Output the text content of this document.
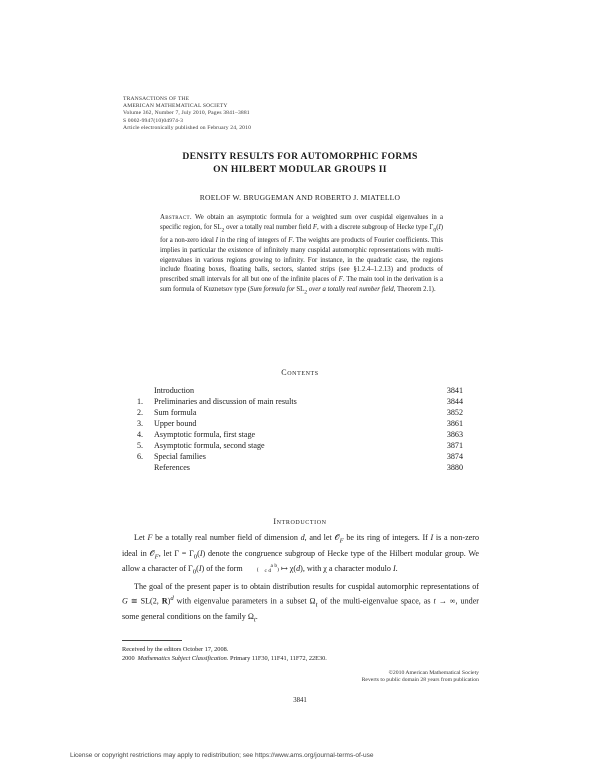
TRANSACTIONS OF THE
AMERICAN MATHEMATICAL SOCIETY
Volume 362, Number 7, July 2010, Pages 3841–3881
S 0002-9947(10)04974-3
Article electronically published on February 24, 2010
DENSITY RESULTS FOR AUTOMORPHIC FORMS
ON HILBERT MODULAR GROUPS II
ROELOF W. BRUGGEMAN AND ROBERTO J. MIATELLO
Abstract. We obtain an asymptotic formula for a weighted sum over cuspidal eigenvalues in a specific region, for $SL_2$ over a totally real number field F, with a discrete subgroup of Hecke type $\Gamma_0(I)$ for a non-zero ideal I in the ring of integers of F. The weights are products of Fourier coefficients. This implies in particular the existence of infinitely many cuspidal automorphic representations with multi-eigenvalues in various regions growing to infinity. For instance, in the quadratic case, the regions include floating boxes, floating balls, sectors, slanted strips (see §1.2.4–1.2.13) and products of prescribed small intervals for all but one of the infinite places of F. The main tool in the derivation is a sum formula of Kuznetsov type (Sum formula for $SL_2$ over a totally real number field, Theorem 2.1).
Contents
Introduction	3841
1.	Preliminaries and discussion of main results	3844
2.	Sum formula	3852
3.	Upper bound	3861
4.	Asymptotic formula, first stage	3863
5.	Asymptotic formula, second stage	3871
6.	Special families	3874
References	3880
Introduction

Let F be a totally real number field of dimension d, and let 𝒪$_F$ be its ring of integers. If I is a non-zero ideal in 𝒪$_F$, let $\Gamma = \Gamma_0(I)$ denote the congruence subgroup of Hecke type of the Hilbert modular group. We allow a character of $\Gamma_0(I)$ of the form (a b
c d ) ↦ χ(d), with χ a character modulo I.

The goal of the present paper is to obtain distribution results for cuspidal automorphic representations of G ≅ SL(2, R)$^d$ with eigenvalue parameters in a subset $\Omega_t$ of the multi-eigenvalue space, as t → ∞, under some general conditions on the family $\Omega_t$.

Received by the editors October 17, 2008.
2000 Mathematics Subject Classification. Primary 11F30, 11F41, 11F72, 22E30.
©2010 American Mathematical Society
Reverts to public domain 28 years from publication
3841
License or copyright restrictions may apply to redistribution; see https://www.ams.org/journal-terms-of-use
